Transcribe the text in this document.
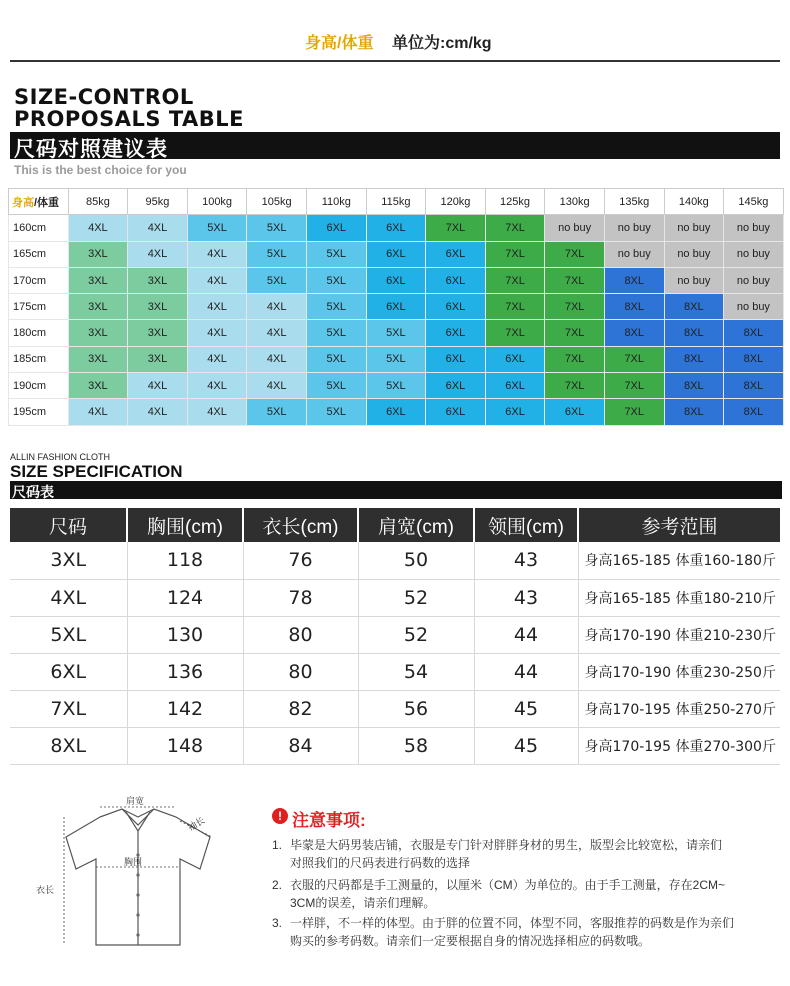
身高/体重 单位为:cm/kg
SIZE-CONTROL
PROPOSALS TABLE
尺码对照建议表
This is the best choice for you
身高/体重	85kg	95kg	100kg	105kg	110kg	115kg	120kg	125kg	130kg	135kg	140kg	145kg
160cm	4XL	4XL	5XL	5XL	6XL	6XL	7XL	7XL	no buy	no buy	no buy	no buy
165cm	3XL	4XL	4XL	5XL	5XL	6XL	6XL	7XL	7XL	no buy	no buy	no buy
170cm	3XL	3XL	4XL	5XL	5XL	6XL	6XL	7XL	7XL	8XL	no buy	no buy
175cm	3XL	3XL	4XL	4XL	5XL	6XL	6XL	7XL	7XL	8XL	8XL	no buy
180cm	3XL	3XL	4XL	4XL	5XL	5XL	6XL	7XL	7XL	8XL	8XL	8XL
185cm	3XL	3XL	4XL	4XL	5XL	5XL	6XL	6XL	7XL	7XL	8XL	8XL
190cm	3XL	4XL	4XL	4XL	5XL	5XL	6XL	6XL	7XL	7XL	8XL	8XL
195cm	4XL	4XL	4XL	5XL	5XL	6XL	6XL	6XL	6XL	7XL	8XL	8XL
ALLIN FASHION CLOTH
SIZE SPECIFICATION
尺码表
尺码	胸围(cm)	衣长(cm)	肩宽(cm)	领围(cm)	参考范围
3XL	118	76	50	43	身高165-185 体重160-180斤
4XL	124	78	52	43	身高165-185 体重180-210斤
5XL	130	80	52	44	身高170-190 体重210-230斤
6XL	136	80	54	44	身高170-190 体重230-250斤
7XL	142	82	56	45	身高170-195 体重250-270斤
8XL	148	84	58	45	身高170-195 体重270-300斤
肩宽
胸围
袖长
衣长
! 注意事项:
1. 毕蒙是大码男装店铺，衣服是专门针对胖胖身材的男生，版型会比较宽松，请亲们
对照我们的尺码表进行码数的选择
2. 衣服的尺码都是手工测量的，以厘米（CM）为单位的。由于手工测量，存在2CM~
3CM的误差，请亲们理解。
3. 一样胖，不一样的体型。由于胖的位置不同，体型不同，客服推荐的码数是作为亲们
购买的参考码数。请亲们一定要根据自身的情况选择相应的码数哦。
